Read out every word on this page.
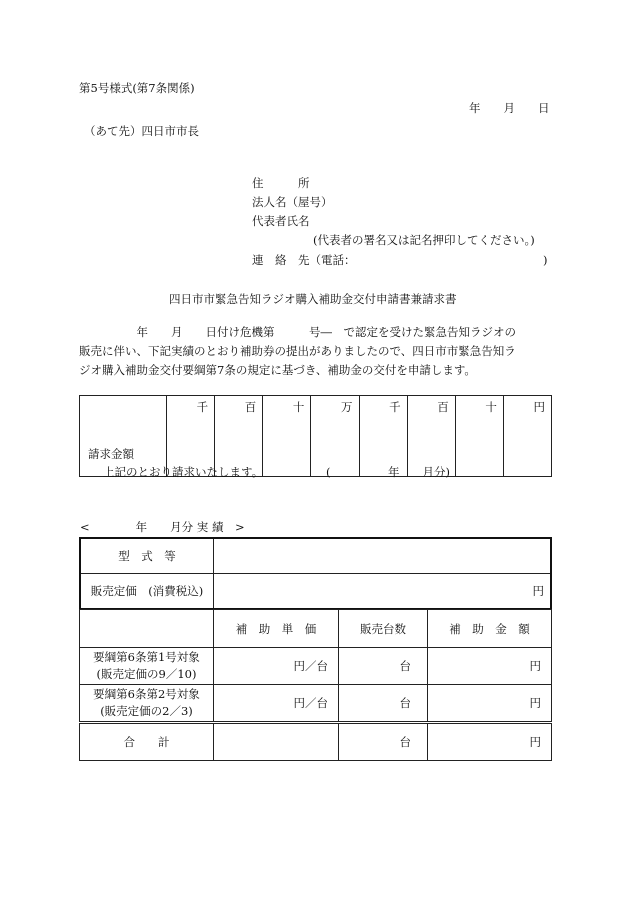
第5号様式(第7条関係)
年　　月　　日
（あて先）四日市市長
住　　　所
法人名（屋号）
代表者氏名
(代表者の署名又は記名押印してください。)
連　絡　先（電話：	)
四日市市緊急告知ラジオ購入補助金交付申請書兼請求書
　　　　　年　　月　　日付け危機第　　　号―　で認定を受けた緊急告知ラジオの
販売に伴い、下記実績のとおり補助券の提出がありましたので、四日市市緊急告知ラ
ジオ購入補助金交付要綱第7条の規定に基づき、補助金の交付を申請します。
請求金額	千	百	十	万	千	百	十	円
上記のとおり請求いたします。	(　　　　　年　　月分)
<　　　　年　　月分 実 績　>
型　式　等	
販売定価　(消費税込)	円
	補　助　単　価	販売台数	補　助　金　額

要綱第6条第1号対象
(販売定価の9／10)	円／台	台	円

要綱第6条第2号対象
(販売定価の2／3)	円／台	台	円
合　　計		台	円
